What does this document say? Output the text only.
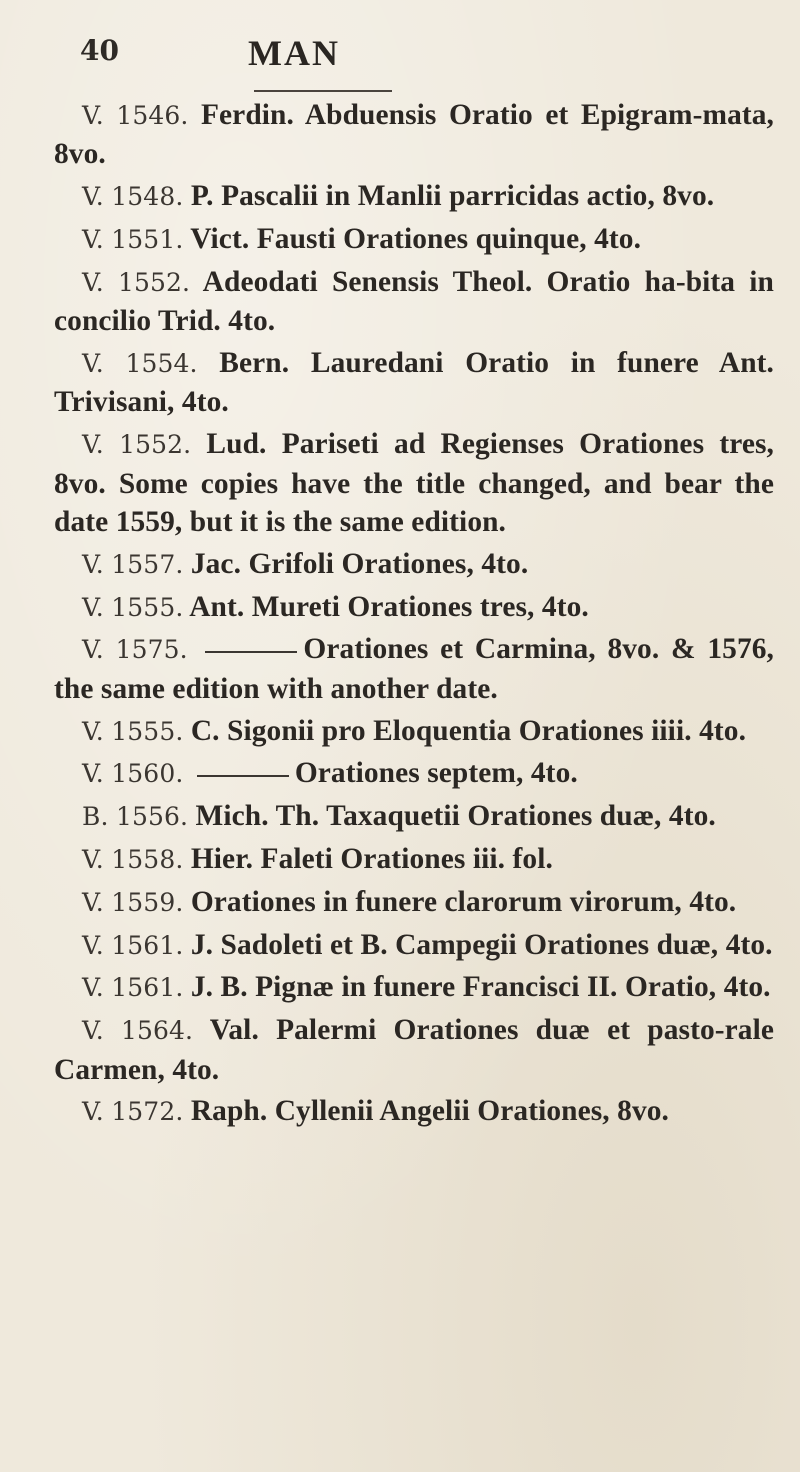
40	MAN

V. 1546. Ferdin. Abduensis Oratio et Epigram-mata, 8vo.

V. 1548. P. Pascalii in Manlii parricidas actio, 8vo.

V. 1551. Vict. Fausti Orationes quinque, 4to.

V. 1552. Adeodati Senensis Theol. Oratio ha-bita in concilio Trid. 4to.

V. 1554. Bern. Lauredani Oratio in funere Ant. Trivisani, 4to.

V. 1552. Lud. Pariseti ad Regienses Orationes tres, 8vo. Some copies have the title changed, and bear the date 1559, but it is the same edition.

V. 1557. Jac. Grifoli Orationes, 4to.

V. 1555. Ant. Mureti Orationes tres, 4to.

V. 1575.	Orationes et Carmina, 8vo. & 1576, the same edition with another date.

V. 1555. C. Sigonii pro Eloquentia Orationes iiii. 4to.

V. 1560.	Orationes septem, 4to.

B. 1556. Mich. Th. Taxaquetii Orationes duæ, 4to.

V. 1558. Hier. Faleti Orationes iii. fol.

V. 1559. Orationes in funere clarorum virorum, 4to.

V. 1561. J. Sadoleti et B. Campegii Orationes duæ, 4to.

V. 1561. J. B. Pignæ in funere Francisci II. Oratio, 4to.

V. 1564. Val. Palermi Orationes duæ et pasto-rale Carmen, 4to.

V. 1572. Raph. Cyllenii Angelii Orationes, 8vo.
